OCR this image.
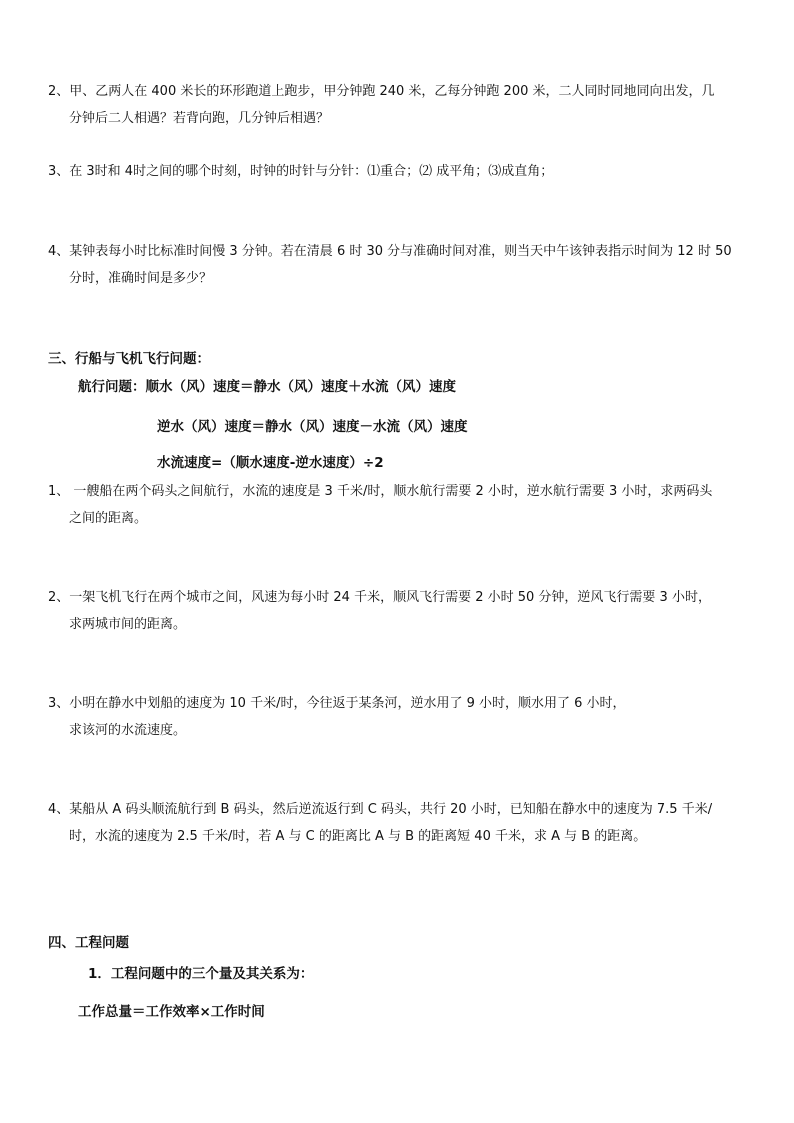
2、甲、乙两人在 400 米长的环形跑道上跑步，甲分钟跑 240 米，乙每分钟跑 200 米，二人同时同地同向出发，几
分钟后二人相遇？若背向跑，几分钟后相遇？
3、在 3时和 4时之间的哪个时刻，时钟的时针与分针：⑴重合；⑵ 成平角；⑶成直角；
4、某钟表每小时比标准时间慢 3 分钟。若在清晨 6 时 30 分与准确时间对准，则当天中午该钟表指示时间为 12 时 50
分时，准确时间是多少？
三、行船与飞机飞行问题：
航行问题：顺水（风）速度＝静水（风）速度＋水流（风）速度
逆水（风）速度＝静水（风）速度－水流（风）速度
水流速度=（顺水速度-逆水速度）÷2
1、 一艘船在两个码头之间航行，水流的速度是 3 千米/时，顺水航行需要 2 小时，逆水航行需要 3 小时，求两码头
之间的距离。
2、一架飞机飞行在两个城市之间，风速为每小时 24 千米，顺风飞行需要 2 小时 50 分钟，逆风飞行需要 3 小时，
求两城市间的距离。
3、小明在静水中划船的速度为 10 千米/时，今往返于某条河，逆水用了 9 小时，顺水用了 6 小时，
求该河的水流速度。
4、某船从 A 码头顺流航行到 B 码头，然后逆流返行到 C 码头，共行 20 小时，已知船在静水中的速度为 7.5 千米/
时，水流的速度为 2.5 千米/时，若 A 与 C 的距离比 A 与 B 的距离短 40 千米，求 A 与 B 的距离。
四、工程问题
1．工程问题中的三个量及其关系为：
工作总量＝工作效率×工作时间
